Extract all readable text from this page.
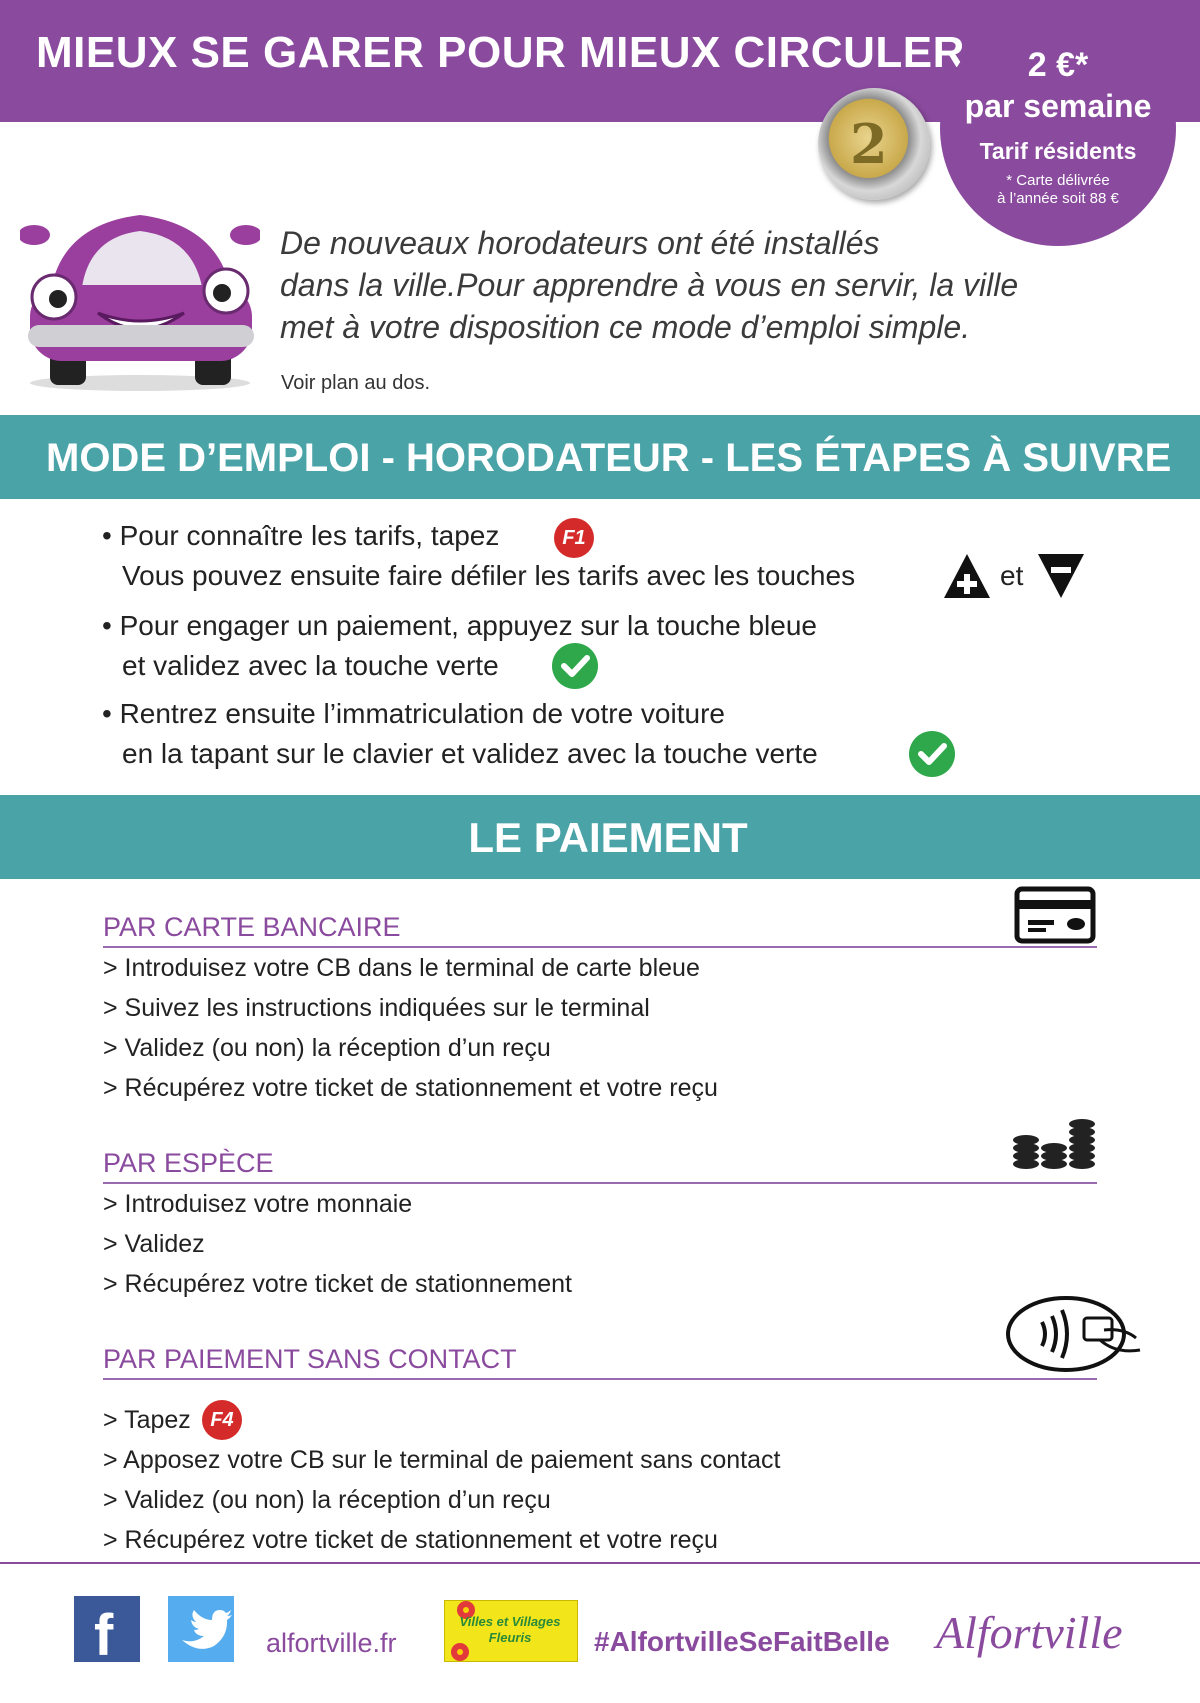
MIEUX SE GARER POUR MIEUX CIRCULER
2
2 €*
par semaine
Tarif résidents
* Carte délivrée
à l’année soit 88 €
De nouveaux horodateurs ont été installés
dans la ville.Pour apprendre à vous en servir, la ville
met à votre disposition ce mode d’emploi simple.
Voir plan au dos.
MODE D’EMPLOI - HORODATEUR - LES ÉTAPES À SUIVRE
• Pour connaître les tarifs, tapez	F1
Vous pouvez ensuite faire défiler les tarifs avec les touches	et
• Pour engager un paiement, appuyez sur la touche bleue
et validez avec la touche verte
• Rentrez ensuite l’immatriculation de votre voiture
en la tapant sur le clavier et validez avec la touche verte
LE PAIEMENT
PAR CARTE BANCAIRE
> Introduisez votre CB dans le terminal de carte bleue
> Suivez les instructions indiquées sur le terminal
> Validez (ou non) la réception d’un reçu
> Récupérez votre ticket de stationnement et votre reçu
PAR ESPÈCE
> Introduisez votre monnaie
> Validez
> Récupérez votre ticket de stationnement
PAR PAIEMENT SANS CONTACT
> Tapez F4
> Apposez votre CB sur le terminal de paiement sans contact
> Validez (ou non) la réception d’un reçu
> Récupérez votre ticket de stationnement et votre reçu
f	alfortville.fr
Villes et Villages
Fleuris	#AlfortvilleSeFaitBelle Alfortville
